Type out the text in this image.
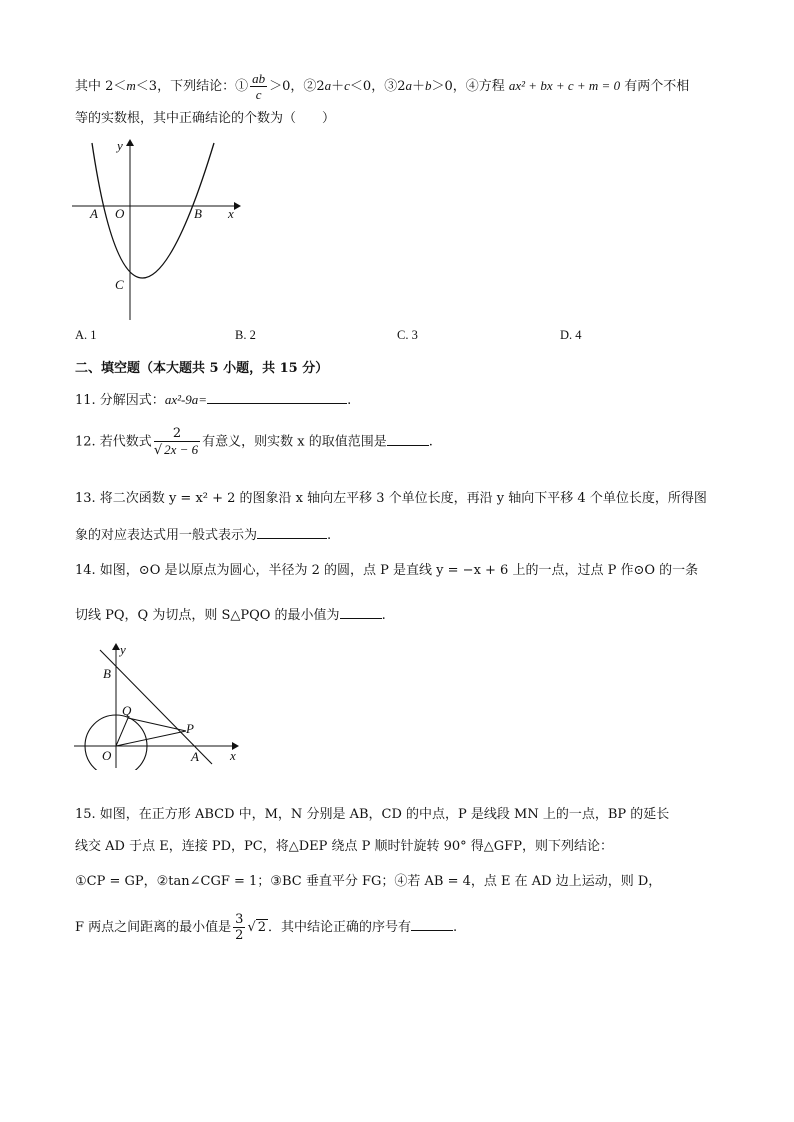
其中 2＜m＜3，下列结论：① $\frac{ab}{c} >0$，②2a＋c＜0，③2a＋b＞0，④方程 ax² + bx + c + m = 0 有两个不相
等的实数根，其中正确结论的个数为（　　）
y
x
A O	B
C
A. 1	B. 2	C. 3	D. 4
二、填空题（本大题共 5 小题，共 15 分）
11. 分解因式：ax²-9a=	.
12. 若代数式 $\frac{2}{√ 2x - 6}$ 有意义，则实数 x 的取值范围是	.
13. 将二次函数 y = x² + 2 的图象沿 x 轴向左平移 3 个单位长度，再沿 y 轴向下平移 4 个单位长度，所得图
象的对应表达式用一般式表示为	.
14. 如图，⊙O 是以原点为圆心，半径为 2 的圆，点 P 是直线 y = −x + 6 上的一点，过点 P 作⊙O 的一条
切线 PQ，Q 为切点，则 S△PQO 的最小值为	.
y
x
B
Q
P
O	A
15. 如图，在正方形 ABCD 中，M，N 分别是 AB，CD 的中点，P 是线段 MN 上的一点，BP 的延长
线交 AD 于点 E，连接 PD，PC，将△DEP 绕点 P 顺时针旋转 90° 得△GFP，则下列结论：
①CP = GP，②tan∠CGF = 1；③BC 垂直平分 FG；④若 AB = 4，点 E 在 AD 边上运动，则 D，
F 两点之间距离的最小值是 $\frac{3}{2}$ √ 2 ．其中结论正确的序号有	.
